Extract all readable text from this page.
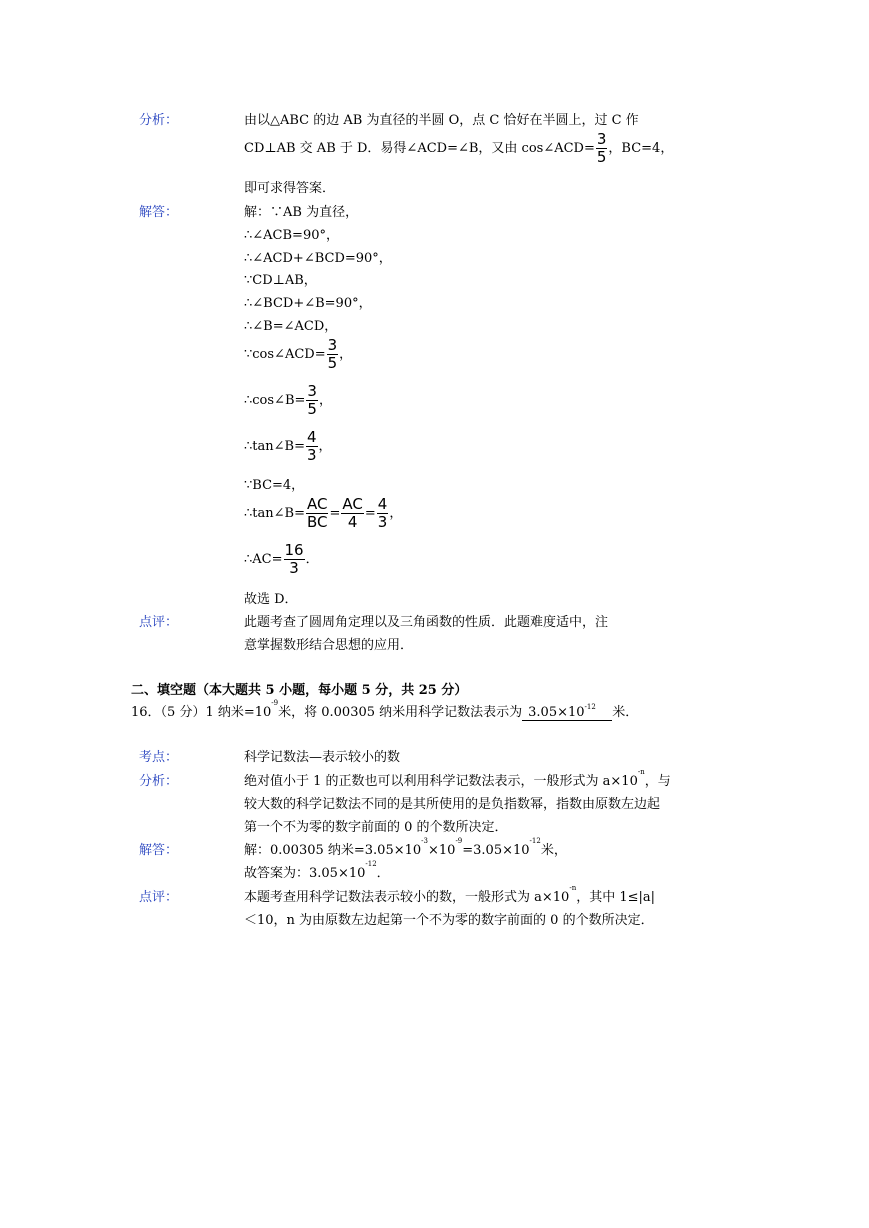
分析：	由以△ABC 的边 AB 为直径的半圆 O，点 C 恰好在半圆上，过 C 作
CD⊥AB 交 AB 于 D．易得∠ACD=∠B，又由 cos∠ACD= $\frac{3}{5}$ ，BC=4，
即可求得答案．
解答：	解：∵AB 为直径，
∴∠ACB=90°，
∴∠ACD+∠BCD=90°，
∵CD⊥AB，
∴∠BCD+∠B=90°，
∴∠B=∠ACD，
∵cos∠ACD= $\frac{3}{5}$ ，
∴cos∠B= $\frac{3}{5}$ ，
∴tan∠B= $\frac{4}{3}$ ，
∵BC=4，
∴tan∠B= $\frac{AC}{BC} = \frac{AC}{4} = \frac{4}{3}$ ，
∴AC= $\frac{16}{3}$ ．
故选 D．
点评：	此题考查了圆周角定理以及三角函数的性质．此题难度适中，注
意掌握数形结合思想的应用．
二、填空题（本大题共 5 小题，每小题 5 分，共 25 分）
16．（5 分）1 纳米$=10^{-9}$米，将 0.00305 纳米用科学记数法表示为 $3.05\times 10^{-12}$ 米．
考点：	科学记数法—表示较小的数
分析：	绝对值小于 1 的正数也可以利用科学记数法表示，一般形式为 $a\times 10^{-n}$，与
较大数的科学记数法不同的是其所使用的是负指数幂，指数由原数左边起
第一个不为零的数字前面的 0 的个数所决定．
解答：	解：0.00305 纳米$=3.05\times 10^{-3}\times 10^{-9}=3.05\times 10^{-12}$米，
故答案为：$3.05\times 10^{-12}$．
点评：	本题考查用科学记数法表示较小的数，一般形式为 $a\times 10^{-n}$，其中 1≤|a|
＜10，n 为由原数左边起第一个不为零的数字前面的 0 的个数所决定．
